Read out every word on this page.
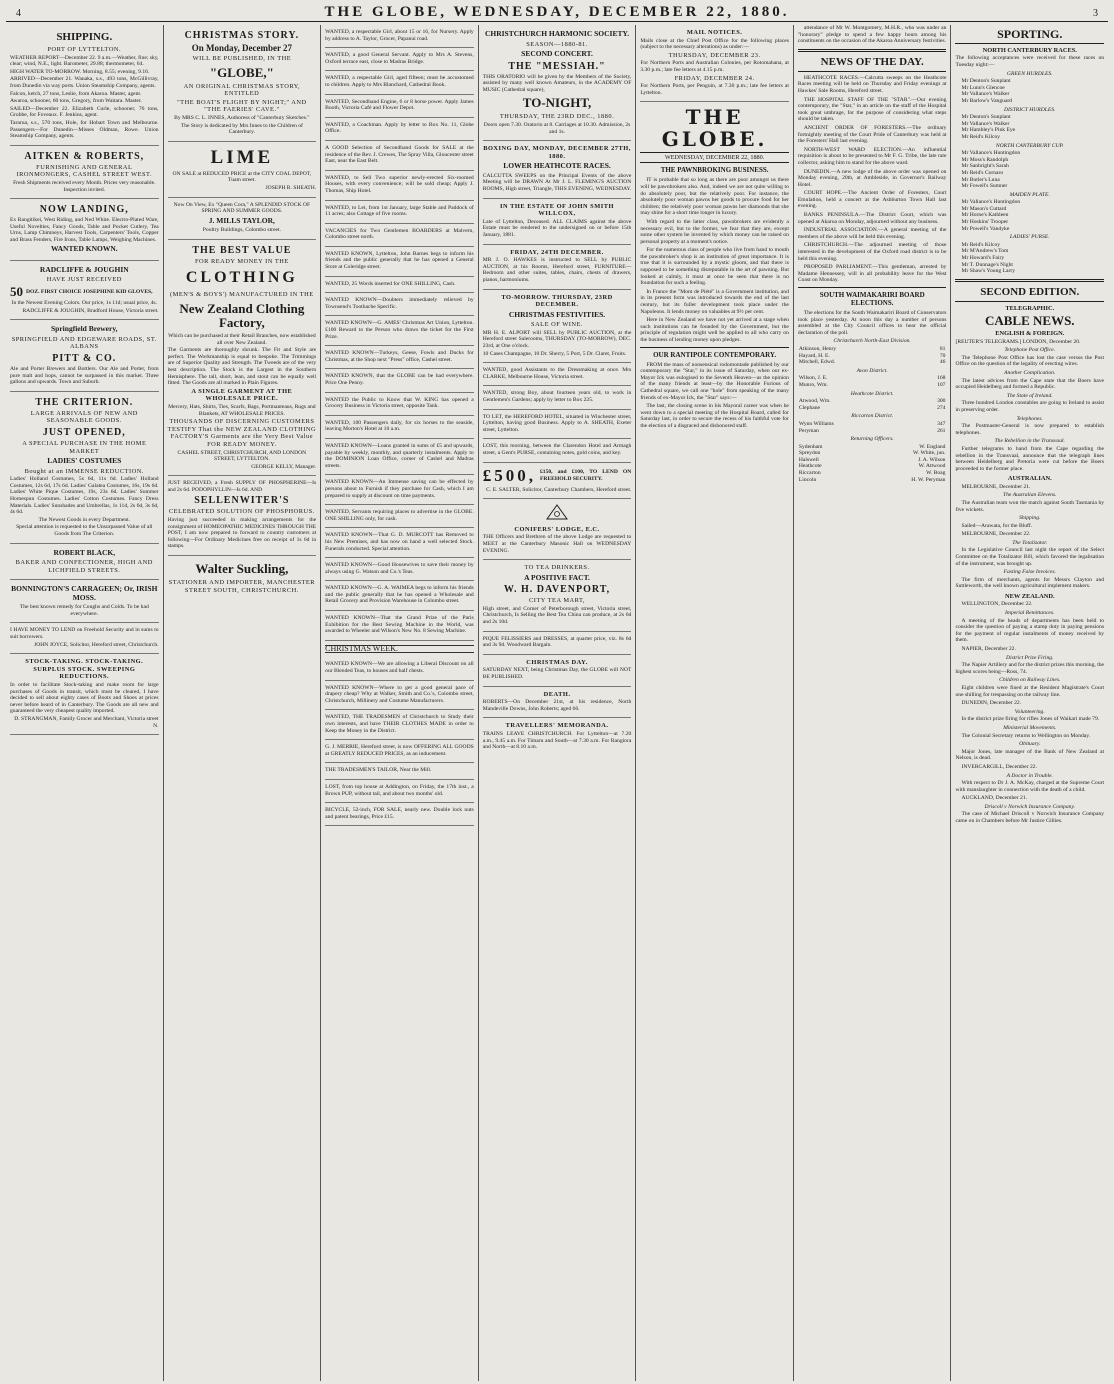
4	THE GLOBE, WEDNESDAY, DECEMBER 22, 1880.	3
SHIPPING.
PORT OF LYTTELTON.

WEATHER REPORT—December 22. 9 a.m.—Weather, fine; sky, clear; wind, N.E., light. Barometer, 29.88; thermometer, 64.

HIGH WATER TO-MORROW. Morning, 8.55; evening, 9.16.

ARRIVED—December 21. Wanaka, s.s., 493 tons, McGillivray, from Dunedin via way ports. Union Steamship Company, agents.

Falcon, ketch, 27 tons, Leslie, from Akaroa. Master, agent.

Awaroa, schooner, 60 tons, Gregory, from Waitara. Master.

SAILED—December 22. Elizabeth Curle, schooner, 76 tons, Grubbe, for Foveaux. F. Jenkins, agent.

Tararua, s.s., 570 tons, Hole, for Hobart Town and Melbourne. Passengers—For Dunedin—Misses Oldman, Rowe. Union Steamship Company, agents.

AITKEN & ROBERTS,
FURNISHING AND GENERAL IRONMONGERS, CASHEL STREET WEST.

Fresh Shipments received every Month. Prices very reasonable. Inspection invited.

NOW LANDING,

Ex Rangitikei, West Riding, and Ned White. Electro-Plated Ware, Useful Novelties, Fancy Goods, Table and Pocket Cutlery, Tea Urns, Lamp Chimneys, Harvest Tools, Carpenters' Tools, Copper and Brass Fenders, Fire Irons, Table Lamps, Weighing Machines.

WANTED KNOWN.
RADCLIFFE & JOUGHIN
HAVE JUST RECEIVED
50 DOZ. FIRST CHOICE JOSEPHINE KID GLOVES,

In the Newest Evening Colors. Our price, 1s 11d; usual price, 4s.

RADCLIFFE & JOUGHIN, Bradford House, Victoria street.

Springfield Brewery,
SPRINGFIELD AND EDGEWARE ROADS, ST. ALBANS
PITT & CO.

Ale and Porter Brewers and Bottlers. Our Ale and Porter, from pure malt and hops, cannot be surpassed in this market. Three gallons and upwards. Town and Suburb.

THE CRITERION.
LARGE ARRIVALS OF NEW AND SEASONABLE GOODS.
JUST OPENED,
A SPECIAL PURCHASE IN THE HOME MARKET
LADIES' COSTUMES
Bought at an IMMENSE REDUCTION.

Ladies' Holland Costumes, 5s 6d, 11s 6d. Ladies' Holland Costumes, 12s 6d, 17s 6d. Ladies' Galatea Costumes, 16s, 19s 6d. Ladies' White Pique Costumes, 19s, 23s 6d. Ladies' Summer Homespun Costumes. Ladies' Cotton Costumes. Fancy Dress Materials. Ladies' Sunshades and Umbrellas, 1s 11d, 2s 6d, 3s 6d, 4s 6d.

The Newest Goods in every Department.

Special attention is requested to the Unsurpassed Value of all Goods from The Criterion.

ROBERT BLACK,
BAKER AND CONFECTIONER, HIGH AND LICHFIELD STREETS.
BONNINGTON'S CARRAGEEN; Or, IRISH MOSS.

The best known remedy for Coughs and Colds. To be had everywhere.

I HAVE MONEY TO LEND on Freehold Security and in sums to suit borrowers.

JOHN JOYCE, Solicitor, Hereford street, Christchurch.

STOCK-TAKING. STOCK-TAKING. SURPLUS STOCK. SWEEPING REDUCTIONS.

In order to facilitate Stock-taking and make room for large purchases of Goods in transit, which must be cleared, I have decided to sell about eighty cases of Boots and Shoes at prices never before heard of in Canterbury. The Goods are all new and guaranteed the very cheapest quality imported.

D. STRANGMAN, Family Grocer and Merchant, Victoria street N.

CHRISTMAS STORY.
On Monday, December 27
WILL BE PUBLISHED, IN THE
"GLOBE,"
AN ORIGINAL CHRISTMAS STORY, ENTITLED
"THE BOAT'S FLIGHT BY NIGHT;" AND "THE FAERIES' CAVE."

By MRS C. L. INNES, Authoress of "Canterbury Sketches."

The Story is dedicated by Mrs Innes to the Children of Canterbury.

LIME

ON SALE at REDUCED PRICE at the CITY COAL DEPOT, Tuam street.

JOSEPH B. SHEATH.

Now On View, Ex "Queen Cora," A SPLENDID STOCK OF SPRING AND SUMMER GOODS.

J. MILLS TAYLOR,

Poultry Buildings, Colombo street.

THE BEST VALUE
FOR READY MONEY IN THE
CLOTHING
(MEN'S & BOYS') MANUFACTURED IN THE
New Zealand Clothing Factory,

Which can be purchased at their Retail Branches, now established all over New Zealand.

The Garments are thoroughly shrunk. The Fit and Style are perfect. The Workmanship is equal to bespoke. The Trimmings are of Superior Quality and Strength. The Tweeds are of the very best description. The Stock is the Largest in the Southern Hemisphere. The tall, short, lean, and stout can be equally well fitted. The Goods are all marked in Plain Figures.

A SINGLE GARMENT AT THE WHOLESALE PRICE.

Mercery, Hats, Shirts, Ties, Scarfs, Bags, Portmanteaus, Rugs and Blankets, AT WHOLESALE PRICES.

THOUSANDS OF DISCERNING CUSTOMERS TESTIFY That the NEW ZEALAND CLOTHING FACTORY'S Garments are the Very Best Value FOR READY MONEY.

CASHEL STREET, CHRISTCHURCH, AND LONDON STREET, LYTTELTON.

GEORGE KELLY, Manager.

JUST RECEIVED, a Fresh SUPPLY OF PHOSPHERINE—Is and 2s 6d. PODOPHYLLIN—Is 6d. AND

SELLENWITER'S
CELEBRATED SOLUTION OF PHOSPHORUS.

Having just succeeded in making arrangements for the consignment of HOMEOPATHIC MEDICINES THROUGH THE POST, I am now prepared to forward to country customers at following—For Ordinary Medicines free on receipt of 1s 6d in stamps.

Walter Suckling,
STATIONER AND IMPORTER, MANCHESTER STREET SOUTH, CHRISTCHURCH.

WANTED, a respectable Girl, about 15 or 16, for Nursery. Apply by address to A. Taylor, Grocer, Papanui road.

WANTED, a good General Servant. Apply to Mrs A. Stevens, Oxford terrace east, close to Madras Bridge.

WANTED, a respectable Girl, aged fifteen; must be accustomed to children. Apply to Mrs Blanchard, Cathedral Book.

WANTED, Secondhand Engine, 6 or 8 horse power. Apply James Booth, Victoria Café and Flower Depot.

WANTED, a Coachman. Apply by letter to Box No. 11, Globe Office.

A GOOD Selection of Secondhand Goods for SALE at the residence of the Rev. J. Crewes, The Spray Villa, Gloucester street East, near the East Belt.

WANTED, to Sell Two superior newly-erected Six-roomed Houses, with every convenience; will be sold cheap; Apply J. Thomas, Ship Hotel.

WANTED, to Let, from 1st January, large Stable and Paddock of 11 acres; also Cottage of five rooms.

VACANCIES for Two Gentlemen BOARDERS at Malvern, Colombo street north.

WANTED KNOWN, Lyttelton, John Barnes begs to inform his friends and the public generally that he has opened a General Store at Coleridge street.

WANTED, 25 Words inserted for ONE SHILLING, Cash.

WANTED KNOWN—Doubters immediately relieved by Townsend's Toothache Specific.

WANTED KNOWN—G. AMES' Christmas Art Union, Lyttelton. £100 Reward to the Person who draws the ticket for the First Prize.

WANTED KNOWN—Turkeys, Geese, Fowls and Ducks for Christmas, at the Shop next "Press" office, Cashel street.

WANTED KNOWN, that the GLOBE can be had everywhere. Price One Penny.

WANTED the Public to Know that W. KING has opened a Grocery Business in Victoria street, opposite Tank.

WANTED, 100 Passengers daily, for six horses to the seaside, leaving Morton's Hotel at 10 a.m.

WANTED KNOWN—Loans granted in sums of £5 and upwards, payable by weekly, monthly, and quarterly instalments. Apply to the DOMINION Loan Office, corner of Cashel and Madras streets.

WANTED KNOWN—An Immense saving can be effected by persons about to Furnish if they purchase for Cash, which I am prepared to supply at discount on time payments.

WANTED, Servants requiring places to advertise in the GLOBE. ONE SHILLING only, for cash.

WANTED KNOWN—That G. D. MURCOTT has Removed to his New Premises, and has now on hand a well selected Stock. Funerals conducted. Special attention.

WANTED KNOWN—Good Housewives to save their money by always using G. Watson and Co.'s Teas.

WANTED KNOWN—G. A. WAIMEA begs to inform his friends and the public generally that he has opened a Wholesale and Retail Grocery and Provision Warehouse in Colombo street.

WANTED KNOWN—That the Grand Prize of the Paris Exhibition for the Best Sewing Machine in the World, was awarded to Wheeler and Wilson's New No. 8 Sewing Machine.

CHRISTMAS WEEK.

WANTED KNOWN—We are allowing a Liberal Discount on all our Blended Teas, to houses and half chests.

WANTED KNOWN—Where to get a good general pace of drapery cheap? Why at Walker, Smith and Co.'s, Colombo street, Christchurch, Millinery and Costume Manufacturers.

WANTED, THE TRADESMEN of Christchurch to Study their own interests, and have THEIR CLOTHES MADE in order to Keep the Money in the District.

G. J. MERRIE, Hereford street, is now OFFERING ALL GOODS at GREATLY REDUCED PRICES, as an inducement.

THE TRADESMEN'S TAILOR, Near the Mill.

LOST, from top house at Addington, on Friday, the 17th inst., a Brown PUP, without tail, and about two months' old.

BICYCLE, 52-inch, FOR SALE, nearly new. Double lock nuts and patent bearings, Price £15.

CHRISTCHURCH HARMONIC SOCIETY.
SEASON—1880-81.
SECOND CONCERT.
THE "MESSIAH."

THIS ORATORIO will be given by the Members of the Society, assisted by many well known Amateurs, in the ACADEMY OF MUSIC (Cathedral square),

TO-NIGHT,
THURSDAY, THE 23RD DEC., 1880.

Doors open 7.30. Oratorio at 8. Carriages at 10.30. Admission, 2s and 1s.

BOXING DAY, MONDAY, DECEMBER 27TH, 1880.
LOWER HEATHCOTE RACES.

CALCUTTA SWEEPS on the Principal Events of the above Meeting will be DRAWN At Mr J. L. FLEMING'S AUCTION ROOMS, High street, Triangle, THIS EVENING, WEDNESDAY.

IN THE ESTATE OF JOHN SMITH WILLCOX,

Late of Lyttelton, Deceased. ALL CLAIMS against the above Estate must be rendered to the undersigned on or before 15th January, 1881.

FRIDAY, 24TH DECEMBER.

MR J. O. HAWKES is instructed to SELL by PUBLIC AUCTION, at his Rooms, Hereford street, FURNITURE—Bedroom and other suites, tables, chairs, chests of drawers, pianos, harmoniums.

TO-MORROW. THURSDAY, 23RD DECEMBER.
CHRISTMAS FESTIVITIES.
SALE OF WINE.

MR H. E. ALPORT will SELL by PUBLIC AUCTION, at the Hereford street Salerooms, THURSDAY (TO-MORROW), DEC. 23rd, at One o'clock.

10 Cases Champagne, 10 Dr. Sherry, 5 Port, 5 Dr. Claret, Fruits.

WANTED, good Assistants to the Dressmaking at once. Mrs CLARKE, Melbourne House, Victoria street.

WANTED, strong Boy, about fourteen years old, to work in Gentlemen's Gardens; apply by letter to Box 225.

TO LET, the HEREFORD HOTEL, situated in Winchester street, Lyttelton, having good Business. Apply to A. SHEATH, Exeter street, Lyttelton.

LOST, this morning, between the Clarendon Hotel and Armagh street, a Gent's PURSE, containing notes, gold coins, and key.

£500, £150, and £100, TO LEND ON FREEHOLD SECURITY.

C. E. SALTER, Solicitor, Canterbury Chambers, Hereford street.

CONIFERS' LODGE, E.C.

THE Officers and Brethren of the above Lodge are requested to MEET at the Canterbury Masonic Hall on WEDNESDAY EVENING.

TO TEA DRINKERS.
A POSITIVE FACT.
W. H. DAVENPORT,
CITY TEA MART,

High street, and Corner of Peterborough street, Victoria street, Christchurch, Is Selling the Best Tea China can produce, at 2s 6d and 2s 10d.

PIQUE FELISSIERS and DRESSES, at quarter price, viz. 8s 6d and 3s 9d. Woodward Bargain.

CHRISTMAS DAY.

SATURDAY NEXT, being Christmas Day, the GLOBE will NOT BE PUBLISHED.

DEATH.

ROBERTS—On December 21st, at his residence, North Mandeville Downs, John Roberts; aged 66.

TRAVELLERS' MEMORANDA.

TRAINS LEAVE CHRISTCHURCH. For Lyttelton—at 7.20 a.m., 9.45 a.m. For Timaru and South—at 7.30 a.m. For Rangiora and North—at 8.10 a.m.

MAIL NOTICES.

Mails close at the Chief Post Office for the following places (subject to the necessary alterations) as under:—

THURSDAY, DECEMBER 23.

For Northern Ports and Australian Colonies, per Rotomahana, at 3.30 p.m.; late fee letters at 4.15 p.m.

FRIDAY, DECEMBER 24.

For Northern Ports, per Penguin, at 7.30 p.m.; late fee letters at Lyttelton.

THE GLOBE.
WEDNESDAY, DECEMBER 22, 1880.
THE PAWNBROKING BUSINESS.

IT is probable that so long as there are poor amongst us there will be pawnbrokers also. And, indeed we are not quite willing to do absolutely poor, but the relatively poor. For instance, the absolutely poor woman pawns her goods to procure food for her children; the relatively poor woman pawns her diamonds that she may shine for a short time longer in luxury.

With regard to the latter class, pawnbrokers are evidently a necessary evil, but to the former, we fear that they are, except some other system be invented by which money can be raised on personal property at a moment's notice.

For the numerous class of people who live from hand to mouth the pawnbroker's shop is an institution of great importance. It is true that it is surrounded by a mystic gloom, and that there is supposed to be something disreputable in the art of pawning. But looked at calmly, it must at once be seen that there is no foundation for such a feeling.

In France the "Mont de Piété" is a Government institution, and in its present form was introduced towards the end of the last century, but its fuller development took place under the Napoleons. It lends money on valuables at 9½ per cent.

Here in New Zealand we have not yet arrived at a stage when such institutions can be founded by the Government, but the principle of regulation might well be applied to all who carry on the business of lending money upon pledges.

OUR RANTIPOLE CONTEMPORARY.

FROM the mass of nonsensical rodomontade published by our contemporary the "Star," in its issue of Saturday, when our ex-Mayor Ick was eulogised to the Seventh Heaven—as the opinion of the many friends at least—by the Honorable Furious of Cathedral square, we call one "hole" from speaking of the many friends of ex-Mayor Ick, the "Star" says:—

The last, the closing scene in his Mayoral career was when he went down to a special meeting of the Hospital Board, called for Saturday last, in order to secure the recess of his faithful vote for the election of a disgraced and dishonored staff.

attendance of Mr W. Montgomery, M.H.R., who was under an "honorary" pledge to spend a few happy hours among his constituents on the occasion of the Akaroa Anniversary festivities.

NEWS OF THE DAY.

HEATHCOTE RACES.—Calcutta sweeps on the Heathcote Races meeting will be held on Thursday and Friday evenings at Hawkes' Sale Rooms, Hereford street.

THE HOSPITAL STAFF OF THE "STAR".—Our evening contemporary, the "Star," in an article on the staff of the Hospital took great umbrage, for the purpose of considering what steps should be taken.

ANCIENT ORDER OF FORESTERS.—The ordinary fortnightly meeting of the Court Pride of Canterbury was held at the Foresters' Hall last evening.

NORTH-WEST WARD ELECTION.—An influential requisition is about to be presented to Mr F. G. Tribe, the late rate collector, asking him to stand for the above ward.

DUNEDIN.—A new lodge of the above order was opened on Monday evening, 20th, at Ambleside, in Governor's Railway Hotel.

COURT HOPE.—The Ancient Order of Foresters, Court Emulation, held a concert at the Ashburton Town Hall last evening.

BANKS PENINSULA.—The District Court, which was opened at Akaroa on Monday, adjourned without any business.

INDUSTRIAL ASSOCIATION.—A general meeting of the members of the above will be held this evening.

CHRISTCHURCH.—The adjourned meeting of those interested in the development of the Oxford road district is to be held this evening.

PROPOSED PARLIAMENT.—This gentleman, arrested by Madame Hennessey, will in all probability leave for the West Coast on Monday.

SOUTH WAIMAKARIRI BOARD ELECTIONS.

The elections for the South Waimakariri Board of Conservators took place yesterday. At noon this day a number of persons assembled at the City Council offices to hear the official declaration of the poll.

Christchurch North-East Division.
Atkinson, Henry	81
Hayard, H. E.	70
Mitchell, Edwd.	46
Avon District.
Wilson, J. E.	168
Munro, Wm.	107
Heathcote District.
Atwood, Wm.	300
Clephane	274
Riccarton District.
Wynn Williams	347
Peryman	261
Returning Officers.
Sydenham	W. England
Spreydon	W. White, jun.
Halswell	J. A. Wilson
Heathcote	W. Attwood
Riccarton	W. Boag
Lincoln	H. W. Peryman
SPORTING.
NORTH CANTERBURY RACES.

The following acceptances were received for these races on Tuesday night:—

GREEN HURDLES.

Mr Denton's Sunplant

Mr Lunn's Glencoe

Mr Vallance's Walker

Mr Barlow's Vanguard

DISTRICT HURDLES.

Mr Denton's Sunplant

Mr Vallance's Walker

Mr Hambley's Pink Eye

Mr Reid's Kilcoy

NORTH CANTERBURY CUP.

Mr Vallance's Huntingdon

Mr Moss's Randolph

Mr Sanbright's Sarah

Mr Reid's Cornaro

Mr Butler's Luna

Mr Fowell's Sumner

MAIDEN PLATE.

Mr Vallance's Huntingdon

Mr Mason's Cuttard

Mr Horne's Kathleen

Mr Hoskins' Trooper

Mr Powell's Vandyke

LADIES' PURSE.

Mr Reid's Kilcoy

Mr M'Andrew's Tom

Mr Howard's Fairy

Mr T. Dunnage's Night

Mr Shaw's Young Larry

SECOND EDITION.
TELEGRAPHIC.
CABLE NEWS.
ENGLISH & FOREIGN.

[REUTER'S TELEGRAMS.] LONDON, December 20.

Telephone Post Office.

The Telephone Post Office has lost the case versus the Post Office on the question of the legality of erecting wires.

Another Complication.

The latest advices from the Cape state that the Boers have occupied Heidelberg and formed a Republic.

The State of Ireland.

Three hundred London constables are going to Ireland to assist in preserving order.

Telephones.

The Postmaster-General is now prepared to establish telephones.

The Rebellion in the Transvaal.

Further telegrams to hand from the Cape regarding the rebellion in the Transvaal, announce that the telegraph lines between Heidelberg and Pretoria were cut before the Boers proceeded to the former place.

AUSTRALIAN.

MELBOURNE, December 21.

The Australian Elevens.

The Australian team won the match against South Tasmania by five wickets.

Shipping.

Sailed—Arawata, for the Bluff.

MELBOURNE, December 22.

The Totalizator.

In the Legislative Council last night the report of the Select Committee on the Totalizator Bill, which favored the legalisation of the instrument, was brought up.

Fasting False Invoices.

The firm of merchants, agents for Messrs Clayton and Suttleworth, the well known agricultural implement makers.

NEW ZEALAND.

WELLINGTON, December 22.

Imperial Remittances.

A meeting of the heads of departments has been held to consider the question of paying a stamp duty in paying pensions for the payment of regular instalments of money received by them.

NAPIER, December 22.

District Prize Firing.

The Napier Artillery and for the district prizes this morning, the highest scores being—Ross, 74.

Children on Railway Lines.

Eight children were fined at the Resident Magistrate's Court one shilling for trespassing on the railway line.

DUNEDIN, December 22.

Volunteering.

In the district prize firing for rifles Jones of Waikari made 79.

Ministerial Movements.

The Colonial Secretary returns to Wellington on Monday.

Obituary.

Major Jones, late manager of the Bank of New Zealand at Nelson, is dead.

INVERCARGILL, December 22.

A Doctor in Trouble.

With respect to Dr J. A. McKay, charged at the Supreme Court with manslaughter in connection with the death of a child.

AUCKLAND, December 21.

Driscoll v Norwich Insurance Company.

The case of Michael Driscoll v Norwich Insurance Company came on in Chambers before Mr Justice Gillies.
